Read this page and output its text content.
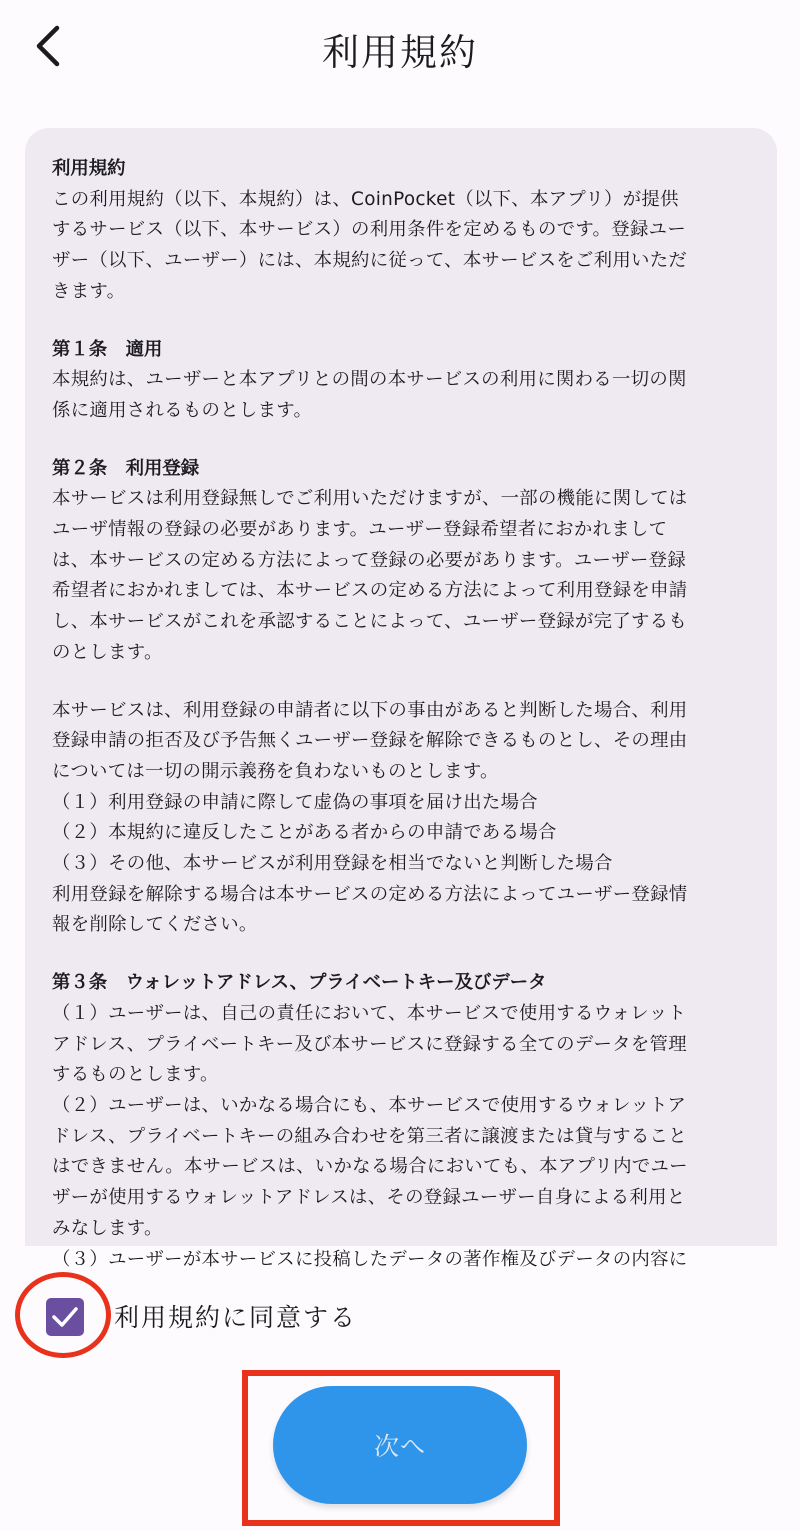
利用規約
利用規約
この利用規約（以下、本規約）は、CoinPocket（以下、本アプリ）が提供
するサービス（以下、本サービス）の利用条件を定めるものです。登録ユー
ザー（以下、ユーザー）には、本規約に従って、本サービスをご利用いただ
きます。
第１条　適用
本規約は、ユーザーと本アプリとの間の本サービスの利用に関わる一切の関
係に適用されるものとします。
第２条　利用登録
本サービスは利用登録無しでご利用いただけますが、一部の機能に関しては
ユーザ情報の登録の必要があります。ユーザー登録希望者におかれまして
は、本サービスの定める方法によって登録の必要があります。ユーザー登録
希望者におかれましては、本サービスの定める方法によって利用登録を申請
し、本サービスがこれを承認することによって、ユーザー登録が完了するも
のとします。
本サービスは、利用登録の申請者に以下の事由があると判断した場合、利用
登録申請の拒否及び予告無くユーザー登録を解除できるものとし、その理由
については一切の開示義務を負わないものとします。
（１）利用登録の申請に際して虚偽の事項を届け出た場合
（２）本規約に違反したことがある者からの申請である場合
（３）その他、本サービスが利用登録を相当でないと判断した場合
利用登録を解除する場合は本サービスの定める方法によってユーザー登録情
報を削除してください。
第３条　ウォレットアドレス、プライベートキー及びデータ
（１）ユーザーは、自己の責任において、本サービスで使用するウォレット
アドレス、プライベートキー及び本サービスに登録する全てのデータを管理
するものとします。
（２）ユーザーは、いかなる場合にも、本サービスで使用するウォレットア
ドレス、プライベートキーの組み合わせを第三者に譲渡または貸与すること
はできません。本サービスは、いかなる場合においても、本アプリ内でユー
ザーが使用するウォレットアドレスは、その登録ユーザー自身による利用と
みなします。
（３）ユーザーが本サービスに投稿したデータの著作権及びデータの内容に
利用規約に同意する
次へ
